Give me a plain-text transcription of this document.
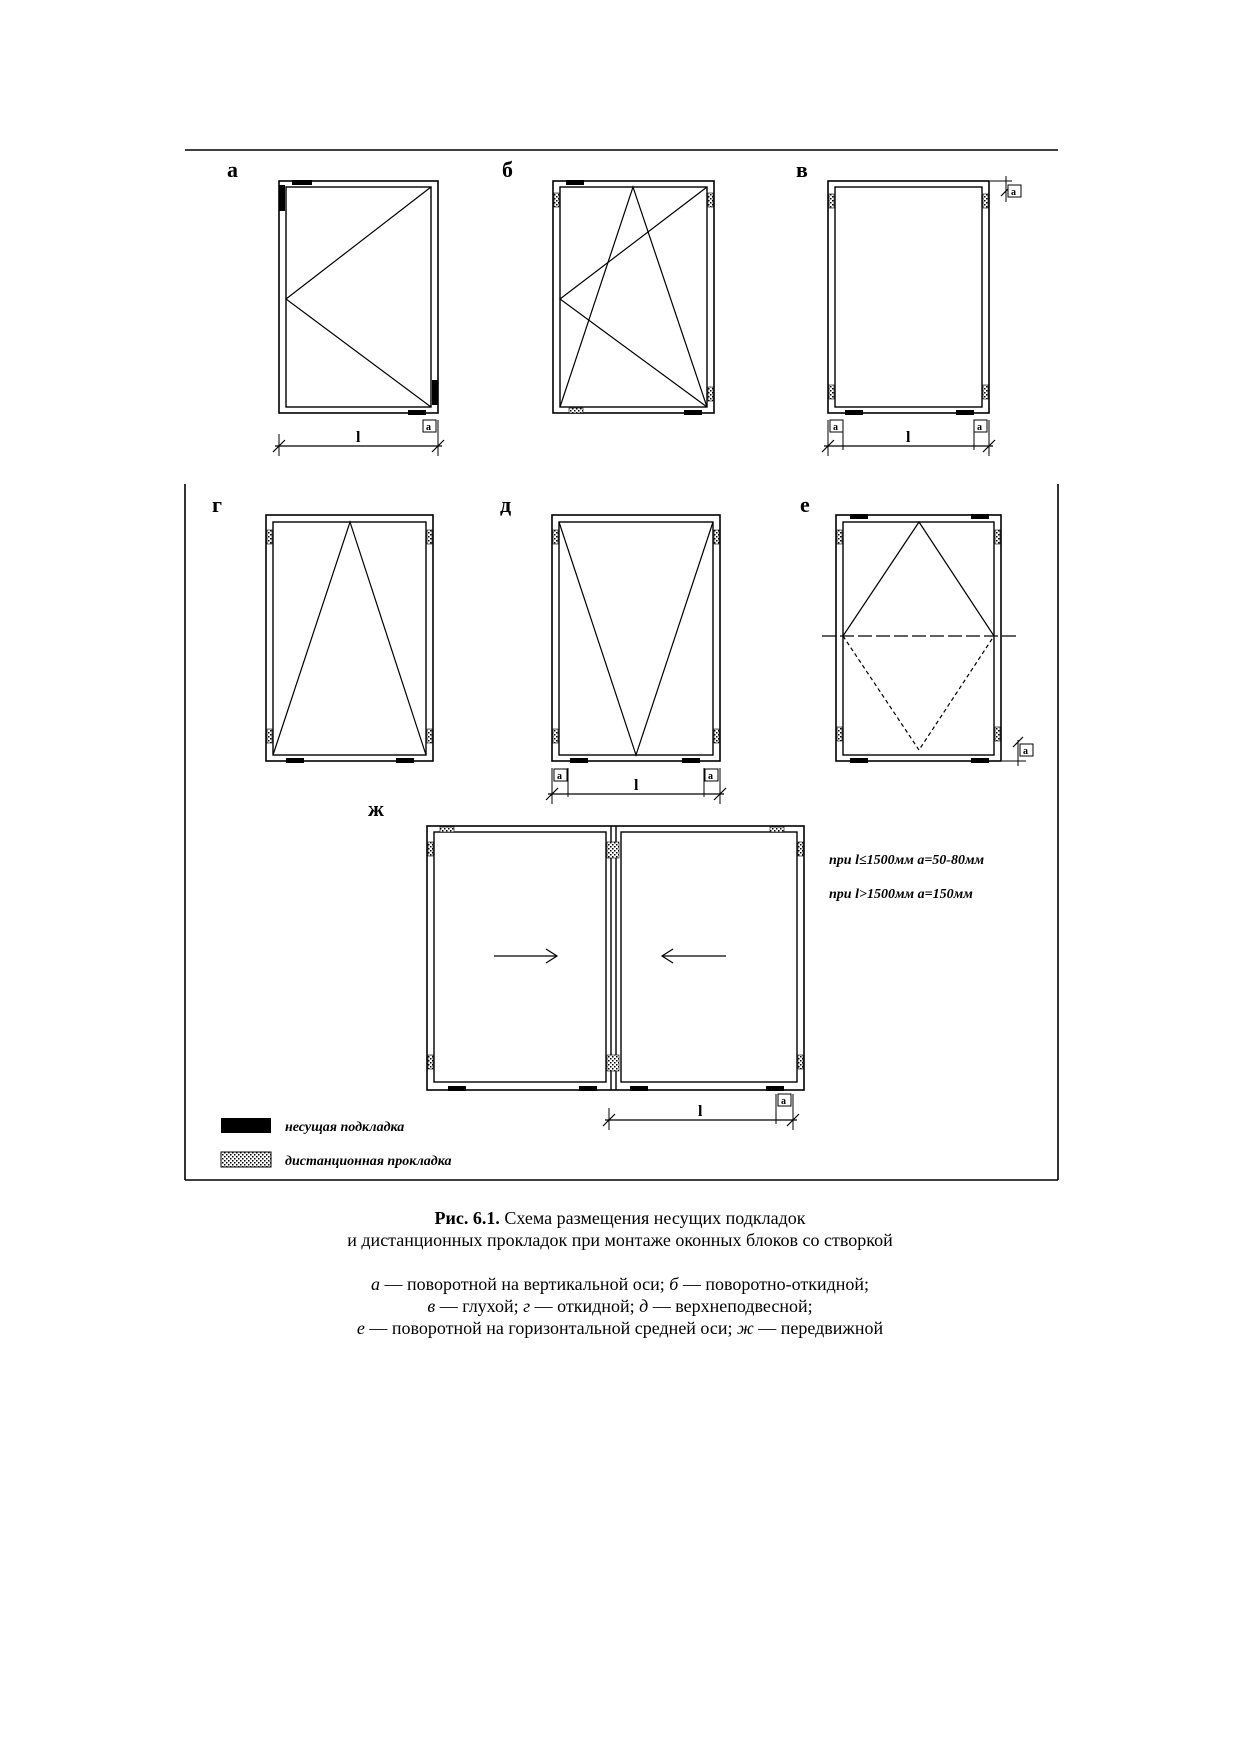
а
l
а
б	в
а
l
а	а
г	д
l
а	а
е
а
ж
l
а
при l≤1500мм а=50-80мм
при l>1500мм а=150мм
несущая подкладка
дистанционная прокладка
Рис. 6.1. Схема размещения несущих подкладок
и дистанционных прокладок при монтаже оконных блоков со створкой
а — поворотной на вертикальной оси; б — поворотно-откидной;
в — глухой; г — откидной; д — верхнеподвесной;
е — поворотной на горизонтальной средней оси; ж — передвижной
